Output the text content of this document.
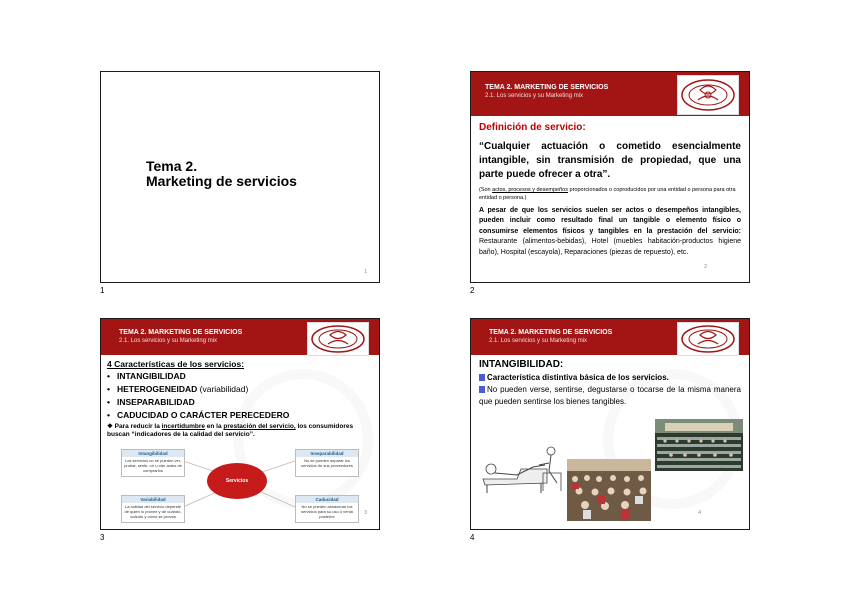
Tema 2.
Marketing de servicios
1
1
TEMA 2. MARKETING DE SERVICIOS
2.1. Los servicios y su Marketing mix

Definición de servicio:

“Cualquier actuación o cometido esencialmente intangible, sin transmisión de propiedad, que una parte puede ofrecer a otra”.

(Son actos, procesos y desempeños proporcionados o coproducidos por una entidad o persona para otra entidad o persona.)

A pesar de que los servicios suelen ser actos o desempeños intangibles, pueden incluir como resultado final un tangible o elemento físico o consumirse elementos físicos y tangibles en la prestación del servicio: Restaurante (alimentos-bebidas), Hotel (muebles habitación-productos higiene baño), Hospital (escayola), Reparaciones (piezas de repuesto), etc.

2
2
TEMA 2. MARKETING DE SERVICIOS
2.1. Los servicios y su Marketing mix

4 Características de los servicios:

• INTANGIBILIDAD
• HETEROGENEIDAD (variabilidad)
• INSEPARABILIDAD
• CADUCIDAD O CARÁCTER PERECEDERO

❖ Para reducir la incertidumbre en la prestación del servicio, los consumidores buscan “indicadores de la calidad del servicio”.

Intangibilidad
Los servicios no se pueden ver, probar, sentir, oír u oler antes de comprarlos
Inseparabilidad
No se pueden separar los servicios de sus proveedores
Variabilidad
La calidad del servicio depende de quién lo provee y de cuándo, cuándo y cómo se provea
Caducidad
No se pueden almacenar los servicios para su uso o venta posterior
Servicios
3
3
TEMA 2. MARKETING DE SERVICIOS
2.1. Los servicios y su Marketing mix

INTANGIBILIDAD:

Característica distintiva básica de los servicios.

No pueden verse, sentirse, degustarse o tocarse de la misma manera que pueden sentirse los bienes tangibles.

4
4
